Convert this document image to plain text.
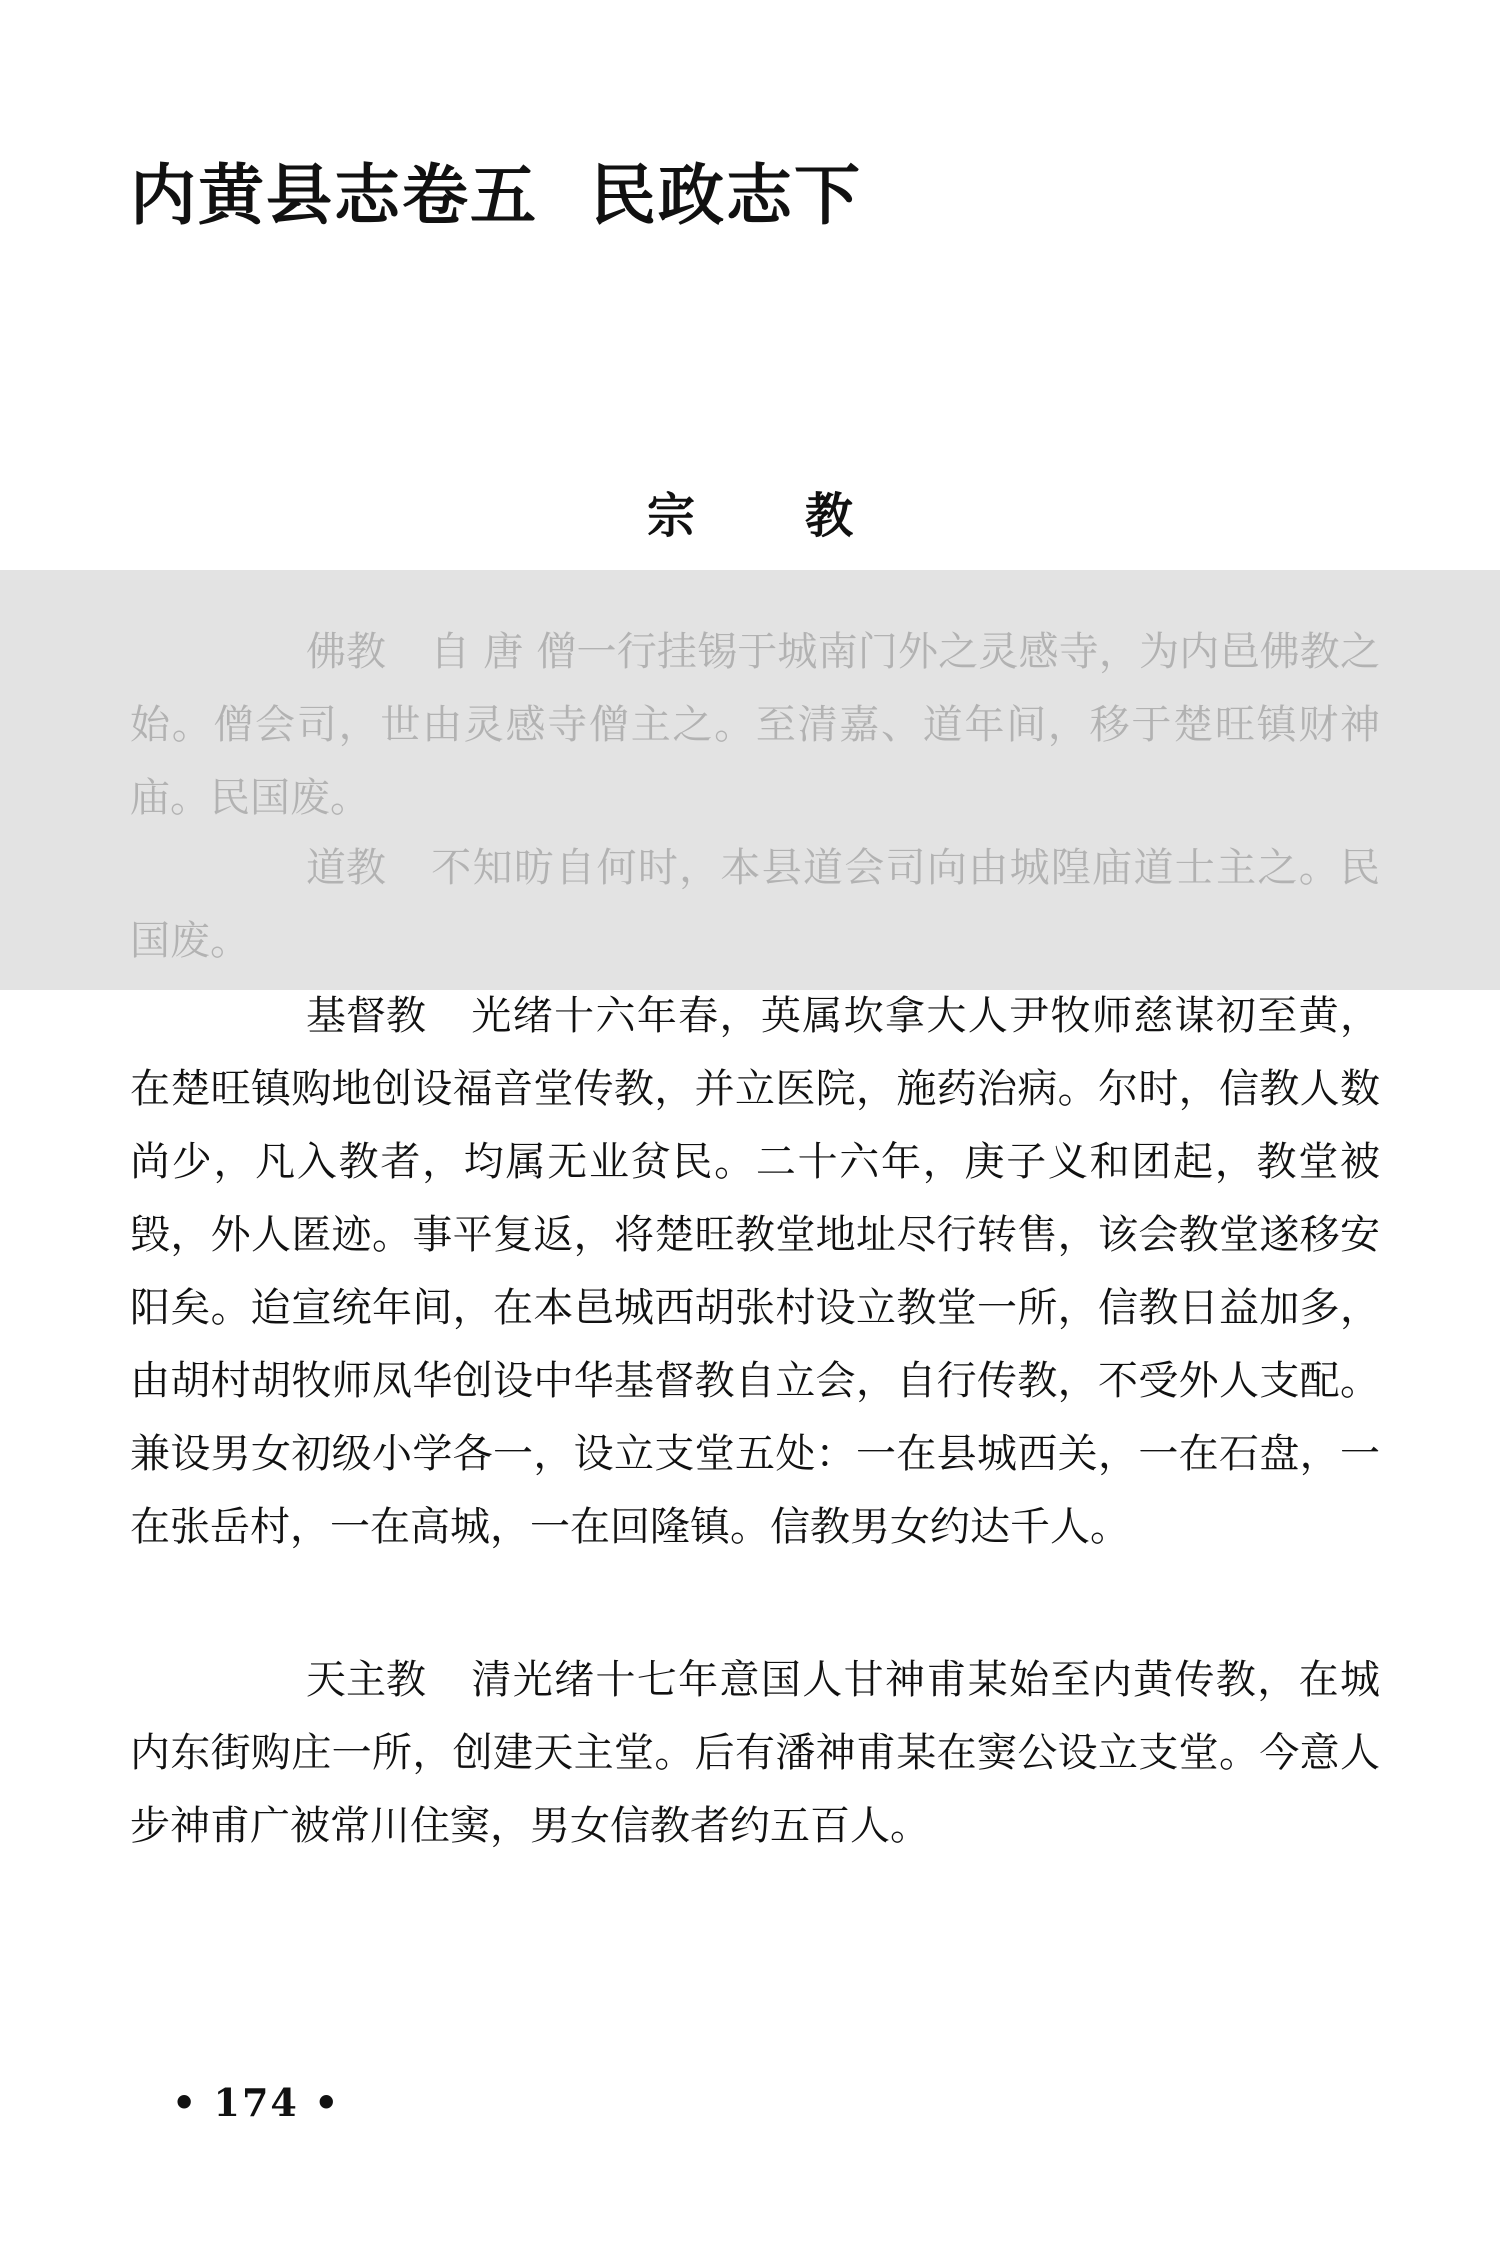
内黄县志卷五 民政志下
宗 教

佛教 自 唐 僧一行挂锡于城南门外之灵感寺，为内邑佛教之始。僧会司，世由灵感寺僧主之。至清嘉、道年间，移于楚旺镇财神庙。民国废。

道教 不知昉自何时，本县道会司向由城隍庙道士主之。民国废。

基督教 光绪十六年春，英属坎拿大人尹牧师慈谋初至黄，在楚旺镇购地创设福音堂传教，并立医院，施药治病。尔时，信教人数尚少，凡入教者，均属无业贫民。二十六年，庚子义和团起，教堂被毁，外人匿迹。事平复返，将楚旺教堂地址尽行转售，该会教堂遂移安阳矣。迨宣统年间，在本邑城西胡张村设立教堂一所，信教日益加多，由胡村胡牧师凤华创设中华基督教自立会，自行传教，不受外人支配。兼设男女初级小学各一，设立支堂五处：一在县城西关，一在石盘，一在张岳村，一在高城，一在回隆镇。信教男女约达千人。

天主教 清光绪十七年意国人甘神甫某始至内黄传教，在城内东街购庄一所，创建天主堂。后有潘神甫某在窦公设立支堂。今意人步神甫广被常川住窦，男女信教者约五百人。

• 174 •
